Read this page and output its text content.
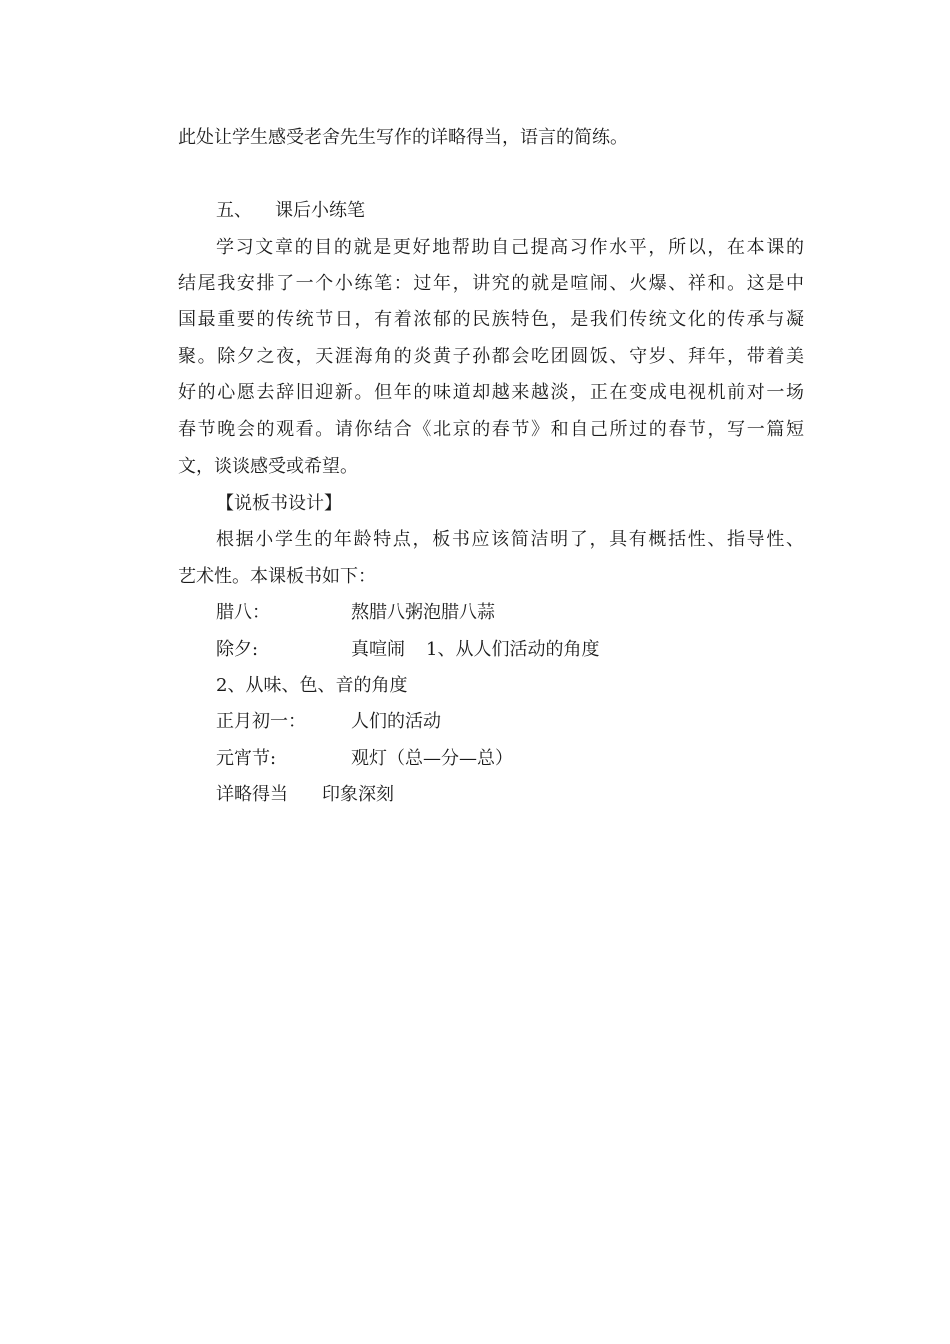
此处让学生感受老舍先生写作的详略得当，语言的简练。
五、 课后小练笔
学习文章的目的就是更好地帮助自己提高习作水平，所以，在本课的
结尾我安排了一个小练笔：过年，讲究的就是喧闹、火爆、祥和。这是中
国最重要的传统节日，有着浓郁的民族特色，是我们传统文化的传承与凝
聚。除夕之夜，天涯海角的炎黄子孙都会吃团圆饭、守岁、拜年，带着美
好的心愿去辞旧迎新。但年的味道却越来越淡，正在变成电视机前对一场
春节晚会的观看。请你结合《北京的春节》和自己所过的春节，写一篇短
文，谈谈感受或希望。
【说板书设计】
根据小学生的年龄特点，板书应该简洁明了，具有概括性、指导性、
艺术性。本课板书如下：
腊八：	熬腊八粥泡腊八蒜
除夕:	真喧闹 1、从人们活动的角度
2、从味、色、音的角度
正月初一：	人们的活动
元宵节:	观灯（总—分—总）
详略得当 印象深刻
